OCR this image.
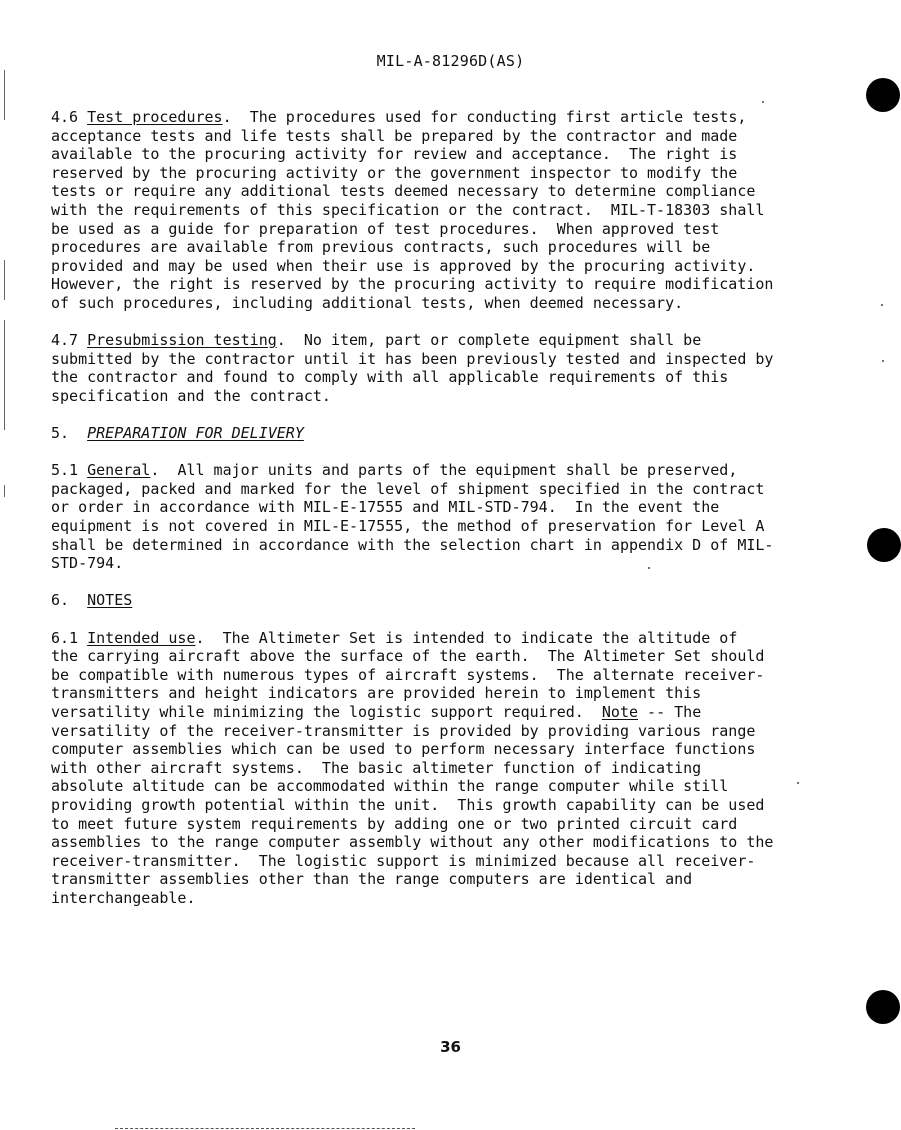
MIL-A-81296D(AS)
4.6 Test procedures.  The procedures used for conducting first article tests,
acceptance tests and life tests shall be prepared by the contractor and made
available to the procuring activity for review and acceptance.  The right is
reserved by the procuring activity or the government inspector to modify the
tests or require any additional tests deemed necessary to determine compliance
with the requirements of this specification or the contract.  MIL-T-18303 shall
be used as a guide for preparation of test procedures.  When approved test
procedures are available from previous contracts, such procedures will be
provided and may be used when their use is approved by the procuring activity.
However, the right is reserved by the procuring activity to require modification
of such procedures, including additional tests, when deemed necessary.
4.7 Presubmission testing.  No item, part or complete equipment shall be
submitted by the contractor until it has been previously tested and inspected by
the contractor and found to comply with all applicable requirements of this
specification and the contract.
5. PREPARATION FOR DELIVERY
5.1 General.  All major units and parts of the equipment shall be preserved,
packaged, packed and marked for the level of shipment specified in the contract
or order in accordance with MIL-E-17555 and MIL-STD-794.  In the event the
equipment is not covered in MIL-E-17555, the method of preservation for Level A
shall be determined in accordance with the selection chart in appendix D of MIL-
STD-794.
6. NOTES
6.1 Intended use.  The Altimeter Set is intended to indicate the altitude of
the carrying aircraft above the surface of the earth.  The Altimeter Set should
be compatible with numerous types of aircraft systems.  The alternate receiver-
transmitters and height indicators are provided herein to implement this
versatility while minimizing the logistic support required.  Note -- The
versatility of the receiver-transmitter is provided by providing various range
computer assemblies which can be used to perform necessary interface functions
with other aircraft systems.  The basic altimeter function of indicating
absolute altitude can be accommodated within the range computer while still
providing growth potential within the unit.  This growth capability can be used
to meet future system requirements by adding one or two printed circuit card
assemblies to the range computer assembly without any other modifications to the
receiver-transmitter.  The logistic support is minimized because all receiver-
transmitter assemblies other than the range computers are identical and
interchangeable.
36
